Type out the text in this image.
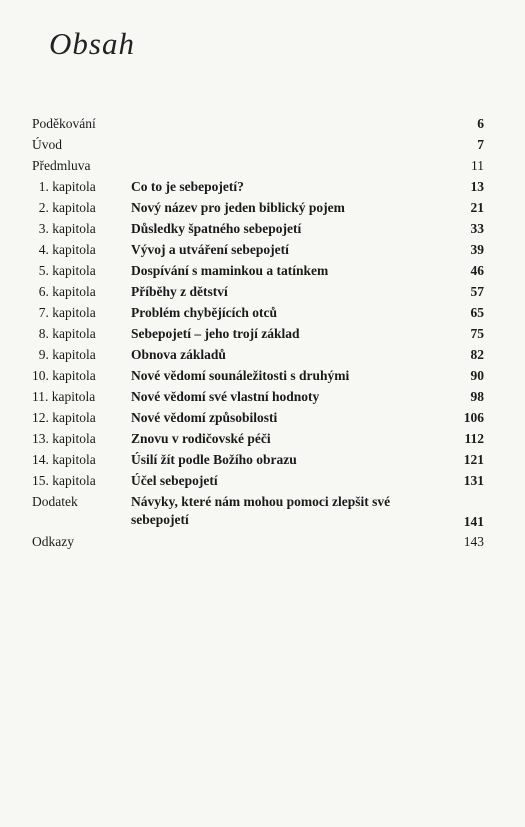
Obsah
Poděkování	6
Úvod	7
Předmluva	11
1. kapitola	Co to je sebepojetí?	13
2. kapitola	Nový název pro jeden biblický pojem	21
3. kapitola	Důsledky špatného sebepojetí	33
4. kapitola	Vývoj a utváření sebepojetí	39
5. kapitola	Dospívání s maminkou a tatínkem	46
6. kapitola	Příběhy z dětství	57
7. kapitola	Problém chybějících otců	65
8. kapitola	Sebepojetí – jeho trojí základ	75
9. kapitola	Obnova základů	82
10. kapitola	Nové vědomí sounáležitosti s druhými	90
11. kapitola	Nové vědomí své vlastní hodnoty	98
12. kapitola	Nové vědomí způsobilosti	106
13. kapitola	Znovu v rodičovské péči	112
14. kapitola	Úsilí žít podle Božího obrazu	121
15. kapitola	Účel sebepojetí	131
Dodatek	Návyky, které nám mohou pomoci zlepšit své sebepojetí	141
Odkazy	143
